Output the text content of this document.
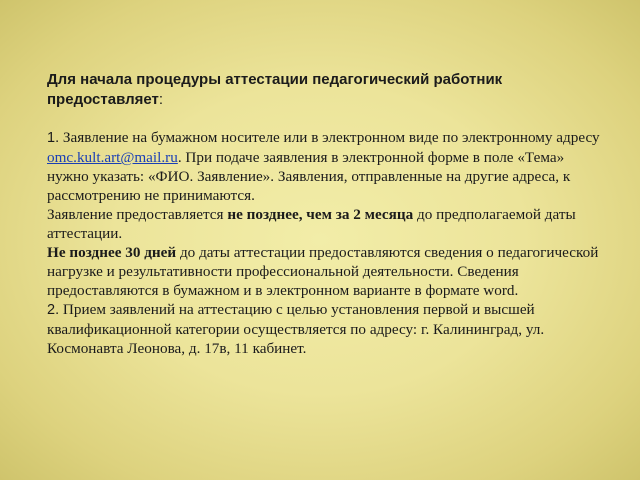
Для начала процедуры аттестации педагогический работник предоставляет:

1. Заявление на бумажном носителе или в электронном виде по электронному адресу omc.kult.art@mail.ru. При подаче заявления в электронной форме в поле «Тема» нужно указать: «ФИО. Заявление». Заявления, отправленные на другие адреса, к рассмотрению не принимаются.

Заявление предоставляется не позднее, чем за 2 месяца до предполагаемой даты аттестации.

Не позднее 30 дней до даты аттестации предоставляются сведения о педагогической нагрузке и результативности профессиональной деятельности. Сведения предоставляются в бумажном и в электронном варианте в формате word.

2. Прием заявлений на аттестацию с целью установления первой и высшей квалификационной категории осуществляется по адресу: г. Калининград, ул. Космонавта Леонова, д. 17в, 11 кабинет.
